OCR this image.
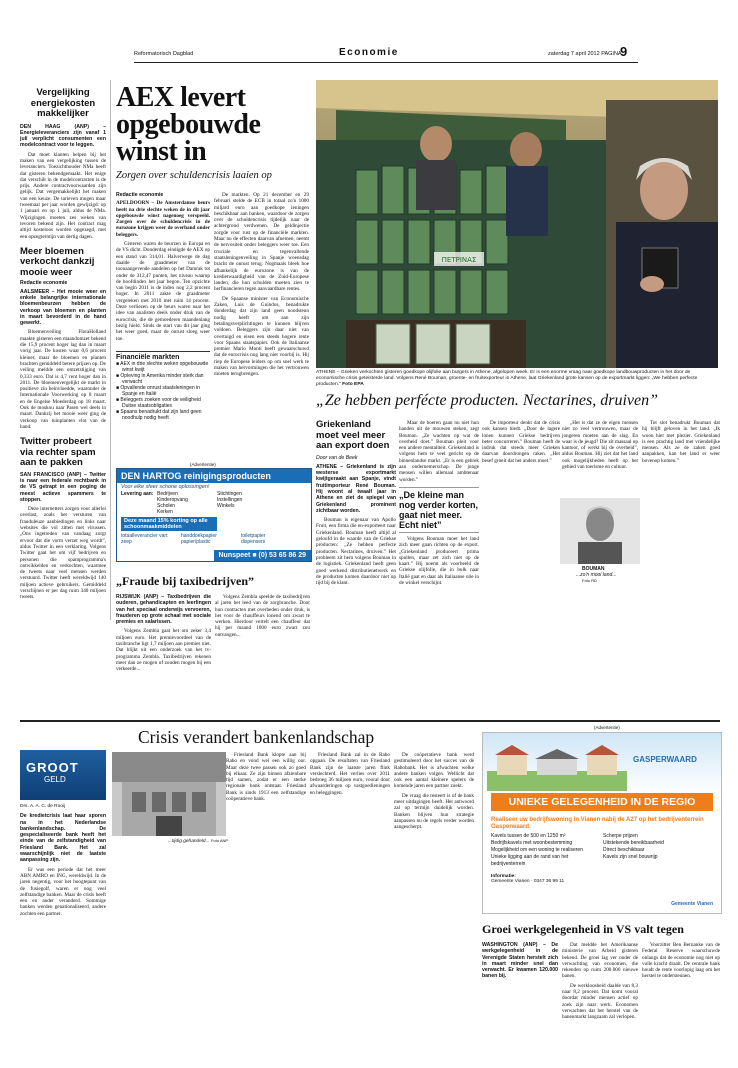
Reformatorisch Dagblad	Economie	zaterdag 7 april 2012 PAGINA
9
Vergelijking energiekosten makkelijker
DEN HAAG (ANP) – Energieleveranciers zijn vanaf 1 juli verplicht consumenten een modelcontract voor te leggen.
Dat moet klanten helpen bij het maken van een vergelijking tussen de leveranciers. Toezichthouder NMa heeft dat gisteren bekendgemaakt. Het enige dat verschilt in de modelcontracten is de prijs. Andere contractvoorwaarden zijn gelijk. Dat vergemakkelijkt het maken van een keuze. De tarieven mogen maar tweemaal per jaar worden gewijzigd: op 1 januari en op 1 juli, aldus de NMa. Wijzigingen moeten zes weken van tevoren bekend zijn. Het contract mag altijd kosteloos worden opgezegd, met een opzegtermijn van dertig dagen.
Meer bloemen verkocht dankzij mooie weer
Redactie economie
AALSMEER – Het mooie weer en enkele belangrijke internationale bloemenbeurzen hebben de verkoop van bloemen en planten in maart bevorderd in de hand gewerkt.
Bloemenveiling FloraHolland maakte gisteren een maandomzet bekend die 15,9 procent hoger lag dan in maart vorig jaar. De kosten waar 0,6 procent kleiner, maar de bloemen en planten brachten gemiddeld betere prijzen op. De veiling meldde een omzetstijging van 0,333 euro. Dat is 4,7 cent hoger dan in 2011. De bloemenvergelijkt de markt in positieve zin beïnvloedde, waaronder de Internationale Voorwerking op 8 maart en de Engelse Moederdag op 18 maart. Ook de moskou naar Pasen wel deels in maart. Dankzij het mooie weer ging de verkoop van tuinplanten vlot van de hand.
Twitter probeert via rechter spam aan te pakken
SAN FRANCISCO (ANP) – Twitter is naar een federale rechtbank in de VS getrapt in een poging de meest actieve spammers te stoppen.
Deze internetters zorgen voor allerlei overlast, zoals het versturen van frauduleuze aanbiedingen en links naar websites die vol zitten met virussen. „Ons ingetreden van vandaag zorgt ervoor dat die vorm verzet weg wordt”, aldus Twitter in een verklaring. Volgens Twitter gaat het om vijf bedrijven en personen die spamprogramma's ontwikkelden en verkochten, waarmee de tweets naar veel mensen werden verstuurd. Twitter heeft wereldwijd 140 miljoen actieve gebruikers. Gemiddeld verschijnen er per dag ruim 340 miljoen tweets.
AEX levert opgebouwde winst in
Zorgen over schuldencrisis laaien op
Redactie economie
APELDOORN – De Amsterdamse beurs heeft na drie slechte weken de in dit jaar opgebouwde winst nagenoeg verspeeld. Zorgen over de schuldencrisis in de eurozone krijgen weer de overhand onder beleggers.
Gisteren waren de beurzen in Europa en de VS dicht. Donderdag eindigde de AEX op een stand van 314,01. Halverwege de dag daalde de graadmeter van de toonaangevende aandelen op het Damrak tot onder de 312,47 punten, het niveau waarop de hoofdindex het jaar begon. Ten opzichte van begin 2011 is de index nog 2,2 procent hoger. In 2011 zakte de graadmeter vergeleken met 2010 met ruim 14 procent. Deze verliezen op de beurs waren naar het idee van analisten deels onder druk van de eurocrisis, die de gemoederen maandenlang bezig hield. Sinds de start van dit jaar ging het weer goed, maar de onrust sloeg weer toe.
Financiële markten
■ AEX in drie slechte weken opgebouwde winst kwijt
■ Opleving in Amerika minder sterk dan verwacht
■ Opvallende onrust staatsleningen in Spanje en Italië
■ Beleggers zoeken voor de veiligheid Duitse staatsobligaties
■ Spaans benadrukt dat zijn land geen noodhulp nodig heeft
De markten. Op 21 december en 29 februari stelde de ECB in totaal zo'n 1000 miljard euro aan goedkope leningen beschikbaar aan banken, waardoor de zorgen over de schuldencrisis tijdelijk naar de achtergrond verdwenen. De geldinjectie zorgde voor rust op de financiële markten. Maar nu de effecten daarvan afnemen, neemt de nervositeit onder beleggers weer toe. Een cruciale en tegenvallende staatsleningenveiling in Spanje woensdag bracht de onrust terug. Nogmaals bleek hoe afhankelijk de eurozone is van de kredietwaardigheid van de Zuid-Europese landen, die hun schulden moeten zien te herfinancieren tegen aanvaardbare rentes.
De Spaanse minister van Economische Zaken, Luis de Guindos, benadrukte donderdag dat zijn land geen noodsteun nodig heeft om aan zijn betalingsverplichtingen te kunnen blijven voldoen. Beleggers zijn daar niet van overtuigd en eisen een steeds hogere rente voor Spaans staatspapier. Ook de Italiaanse premier Mario Monti heeft gewaarschuwd dat de eurocrisis nog lang niet voorbij is. Hij riep de Europese leiders op om snel werk te maken van hervormingen die het vertrouwen moeten terugbrengen.
ΠΕΤΡΙΝΑΣ
ATHENE – Grieken verkochten gisteren goedkope olijfolie aan burgers in Athene, afgelopen week. Er is een enorme vraag naar goedkope landbouwproducten in het door de economische crisis geteisterde land. Volgens René Bouman, groente- en fruitexporteur in Athene, laat Griekenland grote kansen op de exportmarkt liggen: „We hebben perfecte producten.” Foto EPA
(Advertentie)
DEN HARTOG reinigingsproducten
Voor elke sfeer schone oplossingen!
Levering aan: Bedrijven
Kinderopvang
Scholen
Kerken
Stichtingen
Instellingen
Winkels
Deze maand 15% korting op alle schoonmaakmiddelen
totaalleverancier van:	handdoekpapier	toiletpapier
zeep	papier/plastic	dispensers
Nunspeet ■ (0) 53 65 86 29
„Fraude bij taxibedrijven”
RIJSWIJK (ANP) – Taxibedrijven die ouderen, gehandicapten en leerlingen van het speciaal onderwijs vervoeren, frauderen op grote schaal met sociale premies en salarissen.
Volgens Zembla gaat het om zeker 3,4 miljoen euro. Het premievoordeel van de taxibranche ligt 1,7 miljoen aan premies niet. Dat blijkt uit een onderzoek van het tv-programma Zembla. Taxibedrijven rekenen meer dan ze mogen of zouden mogen bij een verkeerde...
Volgens Zembla speelde de taxibedrijven al jaren het leed van de zorgbranche. Door hun contracten met overheden onder druk, is het voor de chauffeurs lonend om zwart te werken. Hierdoor vertelt een chauffeur dat hij per maand 1000 euro zwart zou ontvangen...
„Ze hebben perfécte producten. Nectarines, druiven”
Griekenland moet veel meer aan export doen
Door van de Beek
ATHENE – Griekenland is zijn westerse exportmarkt kwijtgeraakt aan Spanje, vindt fruitimporteur René Bouman. Hij woont al twaalf jaar in Athene en ziet de spiegel van Griekenland prominent zichtbaar worden.
Bouman is eigenaar van Apollo Fruit, een firma die en-exporteert naar Griekenland. Bouman heeft altijd al geloofd in de waarde van de Griekse producten: „Ze hebben perfecte producten. Nectarines, druiven.” Het probleem zit hem volgens Bouman in de logistiek. Griekenland heeft geen goed werkend distributienetwerk en de producten komen daardoor niet op tijd bij de klant.
Maar de boeren gaan nu niet hun handen uit de mouwen steken, zegt Bouman. „Ze wachten op wat de overheid doet.” Bouman pleit voor een andere mentaliteit. Griekenland is volgens hem te veel gericht op de binnenlandse markt. „Er is een gebrek aan ondernemerschap. De jonge mensen willen allemaal ambtenaar worden.”
„De kleine man nog verder korten, gaat niet meer. Echt niet”
Volgens Bouman moet het land zich meer gaan richten op de export. „Griekenland produceert prima spullen, maar zet zich niet op de kaart.” Hij noemt als voorbeeld de Griekse olijfolie, die in bulk naar Italië gaat en daar als Italiaanse olie in de winkel verschijnt.
De importeur denkt dat de crisis ook kansen biedt. „Door de lagere lonen kunnen Griekse bedrijven beter concurreren.” Bouman heeft de indruk dat steeds meer Grieken daarvan doordrongen raken. „Het besef groeit dat het anders moet.”
BOUMAN
...zo'n mooi land...
Foto RD
„Het is dat ze de eigen mensen niet zo veel vertrouwen, maar de jongeren moeten aan de slag. En waar is de jeugd? Die zit massaal op kantoor, of werkt bij de overheid”, aldus Bouman. Hij ziet dat het land ook mogelijkheden heeft op het gebied van toerisme en cultuur.
Tot slot benadrukt Bouman dat hij blijft geloven in het land. „Ik woon hier met plezier. Griekenland is een prachtig land met vriendelijke mensen. Als ze de zaken goed aanpakken, kan het land er weer bovenop komen.”
Crisis verandert bankenlandschap
GROOT
GELD
Drs. A. A. C. de Rooij
De kredietcrisis laat haar sporen na in het Nederlandse bankenlandschap. De gespecialiseerde bank heeft het einde van de zelfstandigheid van Friesland Bank. Het zal waarschijnlijk niet de laatste aanpassing zijn.
Er was een periode dat het meer ABN AMRO en ING, wereldwijd. In de jaren negentig, voor het hoogtepunt van de fusiegolf, waren er nog veel zelfstandige banken. Maar de crisis heeft een en ander veranderd. Sommige banken werden genationaliseerd, andere zochten een partner.
...tijdig gehandeld... Foto ANP
Friesland Bank klopte aan bij Rabo en vond wel een willig oor. Maar deze twee passen ook zo goed bij elkaar. Ze zijn binnen afzienbare tijd samen, zodat er een sterke regionale bank ontstaat. Friesland Bank is sinds 1913 een zelfstandige coöperatieve bank.
Friesland Bank zal in de Rabo opgaan. De resultaten van Friesland Bank zijn de laatste jaren flink verslechterd. Het verlies over 2011 bedroeg 36 miljoen euro, vooral door afwaarderingen op vastgoedleningen en beleggingen.
De coöperatieve bank werd gestimuleerd door het succes van de Rabobank. Het is afwachten welke andere banken volgen. Wellicht dat ook een aantal kleinere spelers de komende jaren een partner zoekt.
De vraag die resteert is of de bank meer uitdagingen heeft. Het antwoord zal op termijn duidelijk worden. Banken blijven hun strategie aanpassen nu de regels verder worden aangescherpt.
(Advertentie)
GASPERWAARD
UNIEKE GELEGENHEID IN DE REGIO
Realiseer uw bedrijfswoning in Vianen nabij de A27 op het bedrijventerrein Gasperwaard.
Kavels tussen de 500 en 1250 m²
Bedrijfskavels met woonbestemming
Mogelijkheid om een woning te realiseren
Unieke ligging aan de rand van het bedrijventerrein
Scherpe prijzen
Uitstekende bereikbaarheid
Direct beschikbaar
Kavels zijn snel bouwrijp
Informatie:
Gemeente Vianen · 0347 36 99 11
Gemeente Vianen
Groei werkgelegenheid in VS valt tegen
WASHINGTON (ANP) – De werkgelegenheid in de Verenigde Staten herstelt zich in maart minder snel dan verwacht. Er kwamen 120.000 banen bij.
Dat meldde het Amerikaanse ministerie van Arbeid gisteren bekend. De groei lag ver onder de verwachting van economen, die rekenden op ruim 200.000 nieuwe banen.
De werkloosheid daalde van 8,3 naar 8,2 procent. Dat komt vooral doordat minder mensen actief op zoek zijn naar werk. Economen verwachten dat het herstel van de banenmarkt langzaam zal verlopen.
Voorzitter Ben Bernanke van de Federal Reserve waarschuwde onlangs dat de economie nog niet op volle kracht draait. De centrale bank houdt de rente voorlopig laag om het herstel te ondersteunen.
